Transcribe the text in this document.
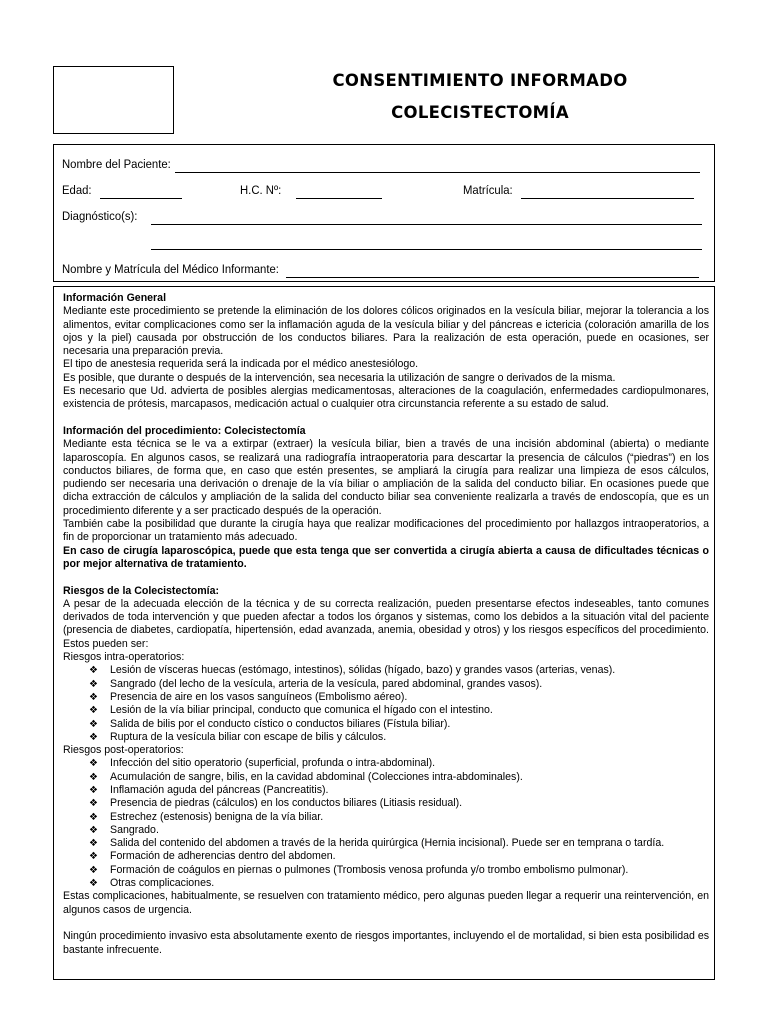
CONSENTIMIENTO INFORMADO
COLECISTECTOMÍA
Nombre del Paciente:
Edad:	H.C. Nº:	Matrícula:
Diagnóstico(s):
Nombre y Matrícula del Médico Informante:

Información General

Mediante este procedimiento se pretende la eliminación de los dolores cólicos originados en la vesícula biliar, mejorar la tolerancia a los alimentos, evitar complicaciones como ser la inflamación aguda de la vesícula biliar y del páncreas e ictericia (coloración amarilla de los ojos y la piel) causada por obstrucción de los conductos biliares. Para la realización de esta operación, puede en ocasiones, ser necesaria una preparación previa.

El tipo de anestesia requerida será la indicada por el médico anestesiólogo.

Es posible, que durante o después de la intervención, sea necesaria la utilización de sangre o derivados de la misma.

Es necesario que Ud. advierta de posibles alergias medicamentosas, alteraciones de la coagulación, enfermedades cardiopulmonares, existencia de prótesis, marcapasos, medicación actual o cualquier otra circunstancia referente a su estado de salud.

Información del procedimiento: Colecistectomía

Mediante esta técnica se le va a extirpar (extraer) la vesícula biliar, bien a través de una incisión abdominal (abierta) o mediante laparoscopía. En algunos casos, se realizará una radiografía intraoperatoria para descartar la presencia de cálculos (“piedras”) en los conductos biliares, de forma que, en caso que estén presentes, se ampliará la cirugía para realizar una limpieza de esos cálculos, pudiendo ser necesaria una derivación o drenaje de la vía biliar o ampliación de la salida del conducto biliar. En ocasiones puede que dicha extracción de cálculos y ampliación de la salida del conducto biliar sea conveniente realizarla a través de endoscopía, que es un procedimiento diferente y a ser practicado después de la operación.

También cabe la posibilidad que durante la cirugía haya que realizar modificaciones del procedimiento por hallazgos intraoperatorios, a fin de proporcionar un tratamiento más adecuado.

En caso de cirugía laparoscópica, puede que esta tenga que ser convertida a cirugía abierta a causa de dificultades técnicas o por mejor alternativa de tratamiento.

Riesgos de la Colecistectomía:

A pesar de la adecuada elección de la técnica y de su correcta realización, pueden presentarse efectos indeseables, tanto comunes derivados de toda intervención y que pueden afectar a todos los órganos y sistemas, como los debidos a la situación vital del paciente (presencia de diabetes, cardiopatía, hipertensión, edad avanzada, anemia, obesidad y otros) y los riesgos específicos del procedimiento. Estos pueden ser:

Riesgos intra-operatorios:

❖ Lesión de vísceras huecas (estómago, intestinos), sólidas (hígado, bazo) y grandes vasos (arterias, venas).
❖ Sangrado (del lecho de la vesícula, arteria de la vesícula, pared abdominal, grandes vasos).
❖ Presencia de aire en los vasos sanguíneos (Embolismo aéreo).
❖ Lesión de la vía biliar principal, conducto que comunica el hígado con el intestino.
❖ Salida de bilis por el conducto cístico o conductos biliares (Fístula biliar).
❖ Ruptura de la vesícula biliar con escape de bilis y cálculos.

Riesgos post-operatorios:

❖ Infección del sitio operatorio (superficial, profunda o intra-abdominal).
❖ Acumulación de sangre, bilis, en la cavidad abdominal (Colecciones intra-abdominales).
❖ Inflamación aguda del páncreas (Pancreatitis).
❖ Presencia de piedras (cálculos) en los conductos biliares (Litiasis residual).
❖ Estrechez (estenosis) benigna de la vía biliar.
❖ Sangrado.
❖ Salida del contenido del abdomen a través de la herida quirúrgica (Hernia incisional). Puede ser en temprana o tardía.
❖ Formación de adherencias dentro del abdomen.
❖ Formación de coágulos en piernas o pulmones (Trombosis venosa profunda y/o trombo embolismo pulmonar).
❖ Otras complicaciones.

Estas complicaciones, habitualmente, se resuelven con tratamiento médico, pero algunas pueden llegar a requerir una reintervención, en algunos casos de urgencia.

Ningún procedimiento invasivo esta absolutamente exento de riesgos importantes, incluyendo el de mortalidad, si bien esta posibilidad es bastante infrecuente.
